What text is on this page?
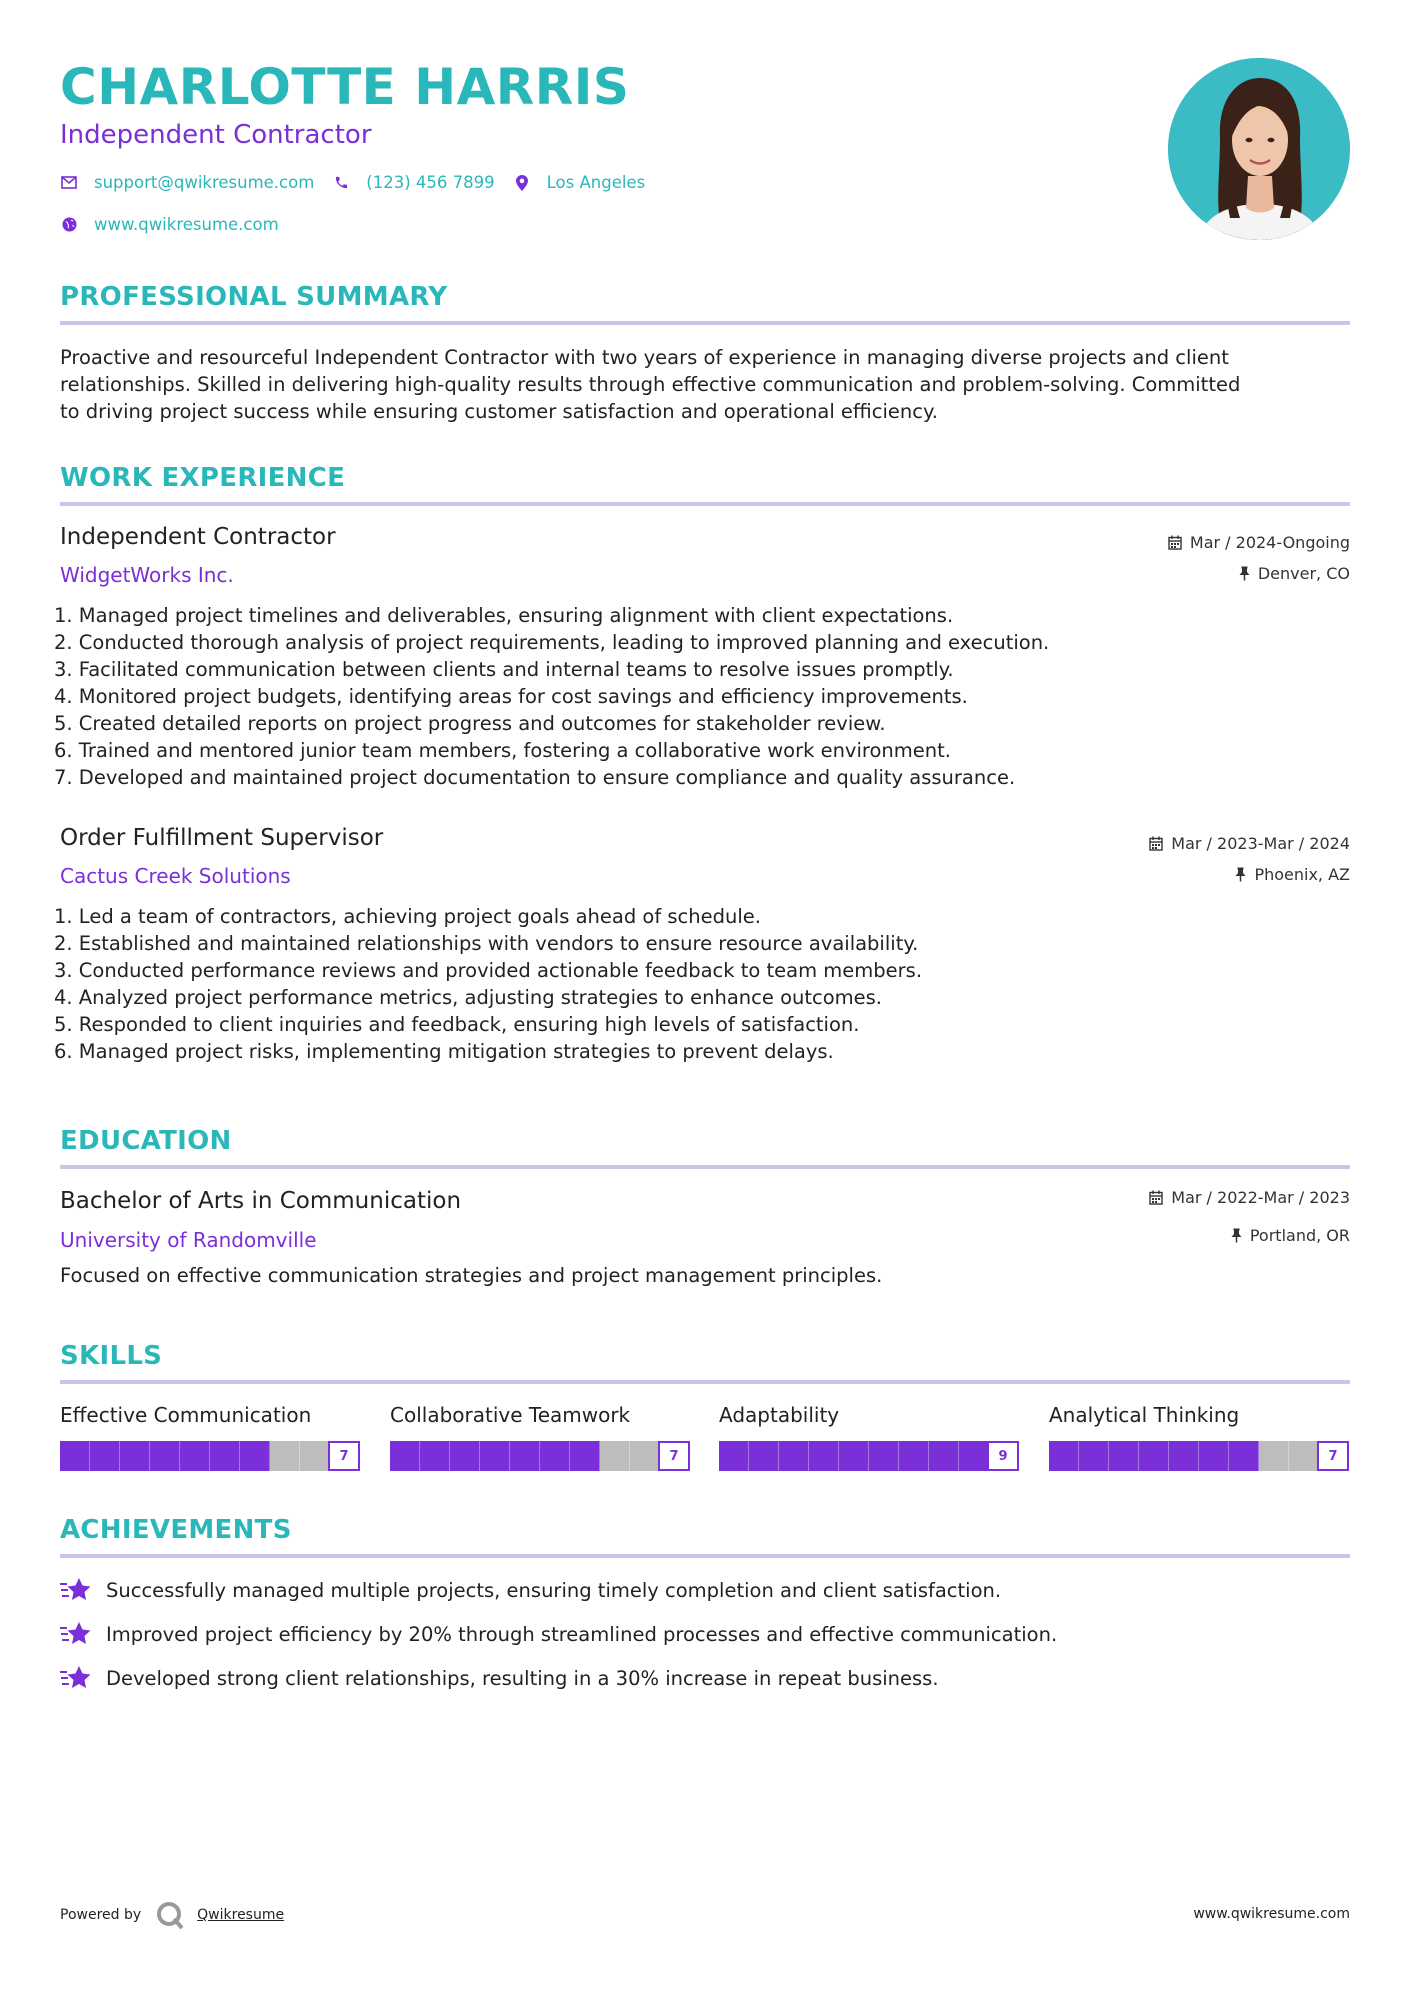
CHARLOTTE HARRIS
Independent Contractor
support@qwikresume.com	(123) 456 7899	Los Angeles
www.qwikresume.com
PROFESSIONAL SUMMARY
Proactive and resourceful Independent Contractor with two years of experience in managing diverse projects and client
relationships. Skilled in delivering high-quality results through effective communication and problem-solving. Committed
to driving project success while ensuring customer satisfaction and operational efficiency.
WORK EXPERIENCE
Independent Contractor
WidgetWorks Inc.
Mar / 2024-Ongoing
Denver, CO
1. Managed project timelines and deliverables, ensuring alignment with client expectations.
2. Conducted thorough analysis of project requirements, leading to improved planning and execution.
3. Facilitated communication between clients and internal teams to resolve issues promptly.
4. Monitored project budgets, identifying areas for cost savings and efficiency improvements.
5. Created detailed reports on project progress and outcomes for stakeholder review.
6. Trained and mentored junior team members, fostering a collaborative work environment.
7. Developed and maintained project documentation to ensure compliance and quality assurance.
Order Fulfillment Supervisor
Cactus Creek Solutions
Mar / 2023-Mar / 2024
Phoenix, AZ
1. Led a team of contractors, achieving project goals ahead of schedule.
2. Established and maintained relationships with vendors to ensure resource availability.
3. Conducted performance reviews and provided actionable feedback to team members.
4. Analyzed project performance metrics, adjusting strategies to enhance outcomes.
5. Responded to client inquiries and feedback, ensuring high levels of satisfaction.
6. Managed project risks, implementing mitigation strategies to prevent delays.
EDUCATION
Bachelor of Arts in Communication
University of Randomville
Mar / 2022-Mar / 2023
Portland, OR
Focused on effective communication strategies and project management principles.
SKILLS
Effective Communication
7
Collaborative Teamwork
7
Adaptability
9
Analytical Thinking
7
ACHIEVEMENTS
Successfully managed multiple projects, ensuring timely completion and client satisfaction.
Improved project efficiency by 20% through streamlined processes and effective communication.
Developed strong client relationships, resulting in a 30% increase in repeat business.
Powered by	Qwikresume	www.qwikresume.com
